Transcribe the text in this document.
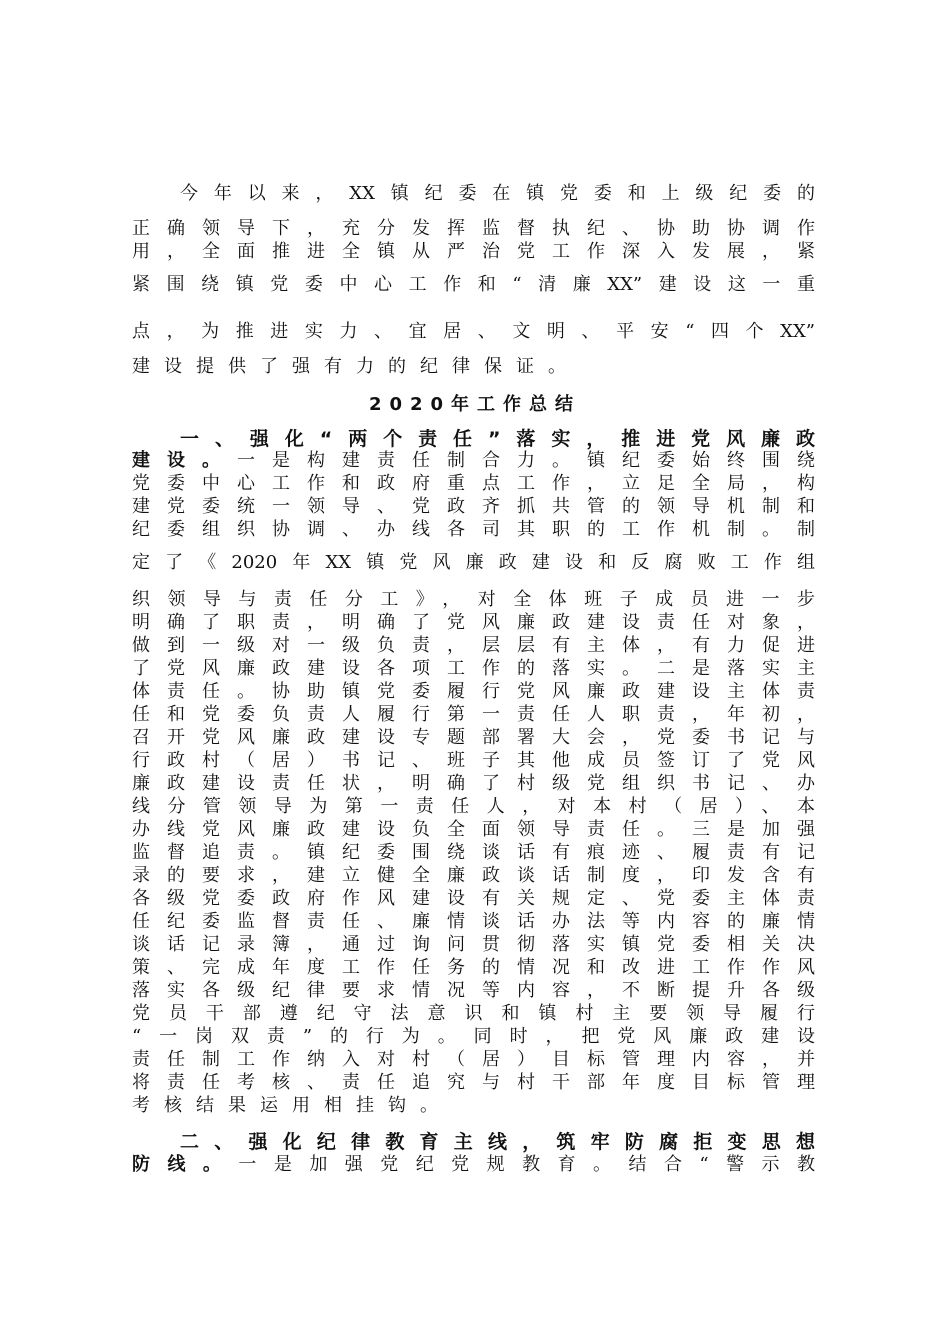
今年以来，XX镇纪委在镇党委和上级纪委的
正确领导下，充分发挥监督执纪、协助协调作
用，全面推进全镇从严治党工作深入发展，紧
紧围绕镇党委中心工作和“清廉XX”建设这一重
点，为推进实力、宜居、文明、平安“四个XX”
建设提供了强有力的纪律保证。
2020年工作总结
一、强化“两个责任”落实，推进党风廉政
建设。一是构建责任制合力。镇纪委始终围绕
党委中心工作和政府重点工作，立足全局，构
建党委统一领导、党政齐抓共管的领导机制和
纪委组织协调、办线各司其职的工作机制。制
定了《2020年XX镇党风廉政建设和反腐败工作组
织领导与责任分工》，对全体班子成员进一步
明确了职责，明确了党风廉政建设责任对象，
做到一级对一级负责，层层有主体，有力促进
了党风廉政建设各项工作的落实。二是落实主
体责任。协助镇党委履行党风廉政建设主体责
任和党委负责人履行第一责任人职责，年初，
召开党风廉政建设专题部署大会，党委书记与
行政村（居）书记、班子其他成员签订了党风
廉政建设责任状，明确了村级党组织书记、办
线分管领导为第一责任人，对本村（居）、本
办线党风廉政建设负全面领导责任。三是加强
监督追责。镇纪委围绕谈话有痕迹、履责有记
录的要求，建立健全廉政谈话制度，印发含有
各级党委政府作风建设有关规定、党委主体责
任纪委监督责任、廉情谈话办法等内容的廉情
谈话记录簿，通过询问贯彻落实镇党委相关决
策、完成年度工作任务的情况和改进工作作风
落实各级纪律要求情况等内容，不断提升各级
党员干部遵纪守法意识和镇村主要领导履行
“一岗双责”的行为。同时，把党风廉政建设
责任制工作纳入对村（居）目标管理内容，并
将责任考核、责任追究与村干部年度目标管理
考核结果运用相挂钩。
二、强化纪律教育主线，筑牢防腐拒变思想
防线。一是加强党纪党规教育。结合“警示教
